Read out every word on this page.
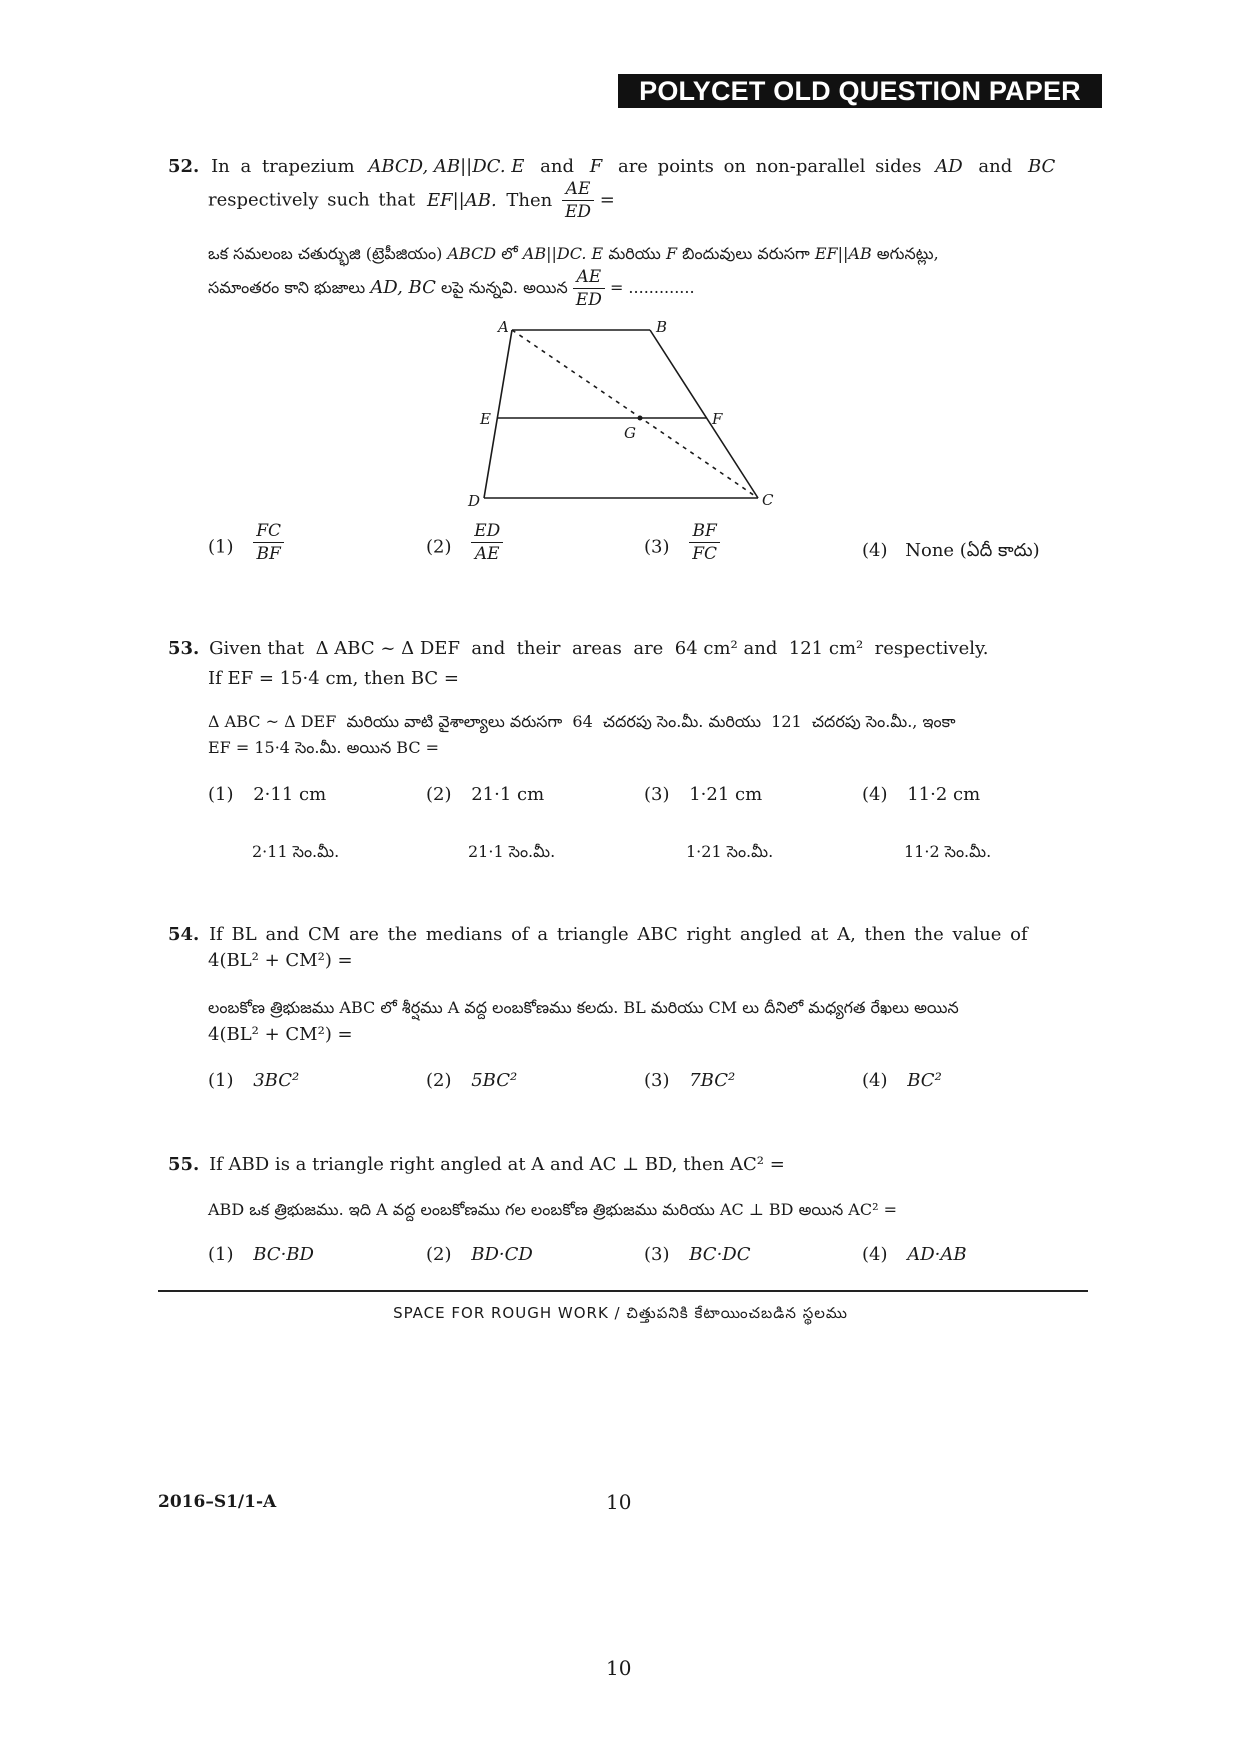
POLYCET OLD QUESTION PAPER
52. In a trapezium ABCD, AB||DC. E and F are points on non-parallel sides AD and BC
respectively such that EF||AB. Then $\frac{AE}{ED}$ =
ఒక సమలంబ చతుర్భుజి (ట్రెపీజియం) ABCD లో AB||DC. E మరియు F బిందువులు వరుసగా EF||AB అగునట్లు,
సమాంతరం కాని భుజాలు AD, BC లపై నున్నవి. అయిన $\frac{AE}{ED}$ = .............
A	B
C
D
E	F
G
$(1) \frac{FC}{BF}$	$(2) \frac{ED}{AE}$	$(3) \frac{BF}{FC}$	(4) None (ఏదీ కాదు)
53. Given that  Δ ABC ~ Δ DEF  and  their  areas  are  64 cm² and  121 cm²  respectively.
If EF = 15·4 cm, then BC =
Δ ABC ~ Δ DEF  మరియు వాటి వైశాల్యాలు వరుసగా  64  చదరపు సెం.మీ. మరియు  121  చదరపు సెం.మీ., ఇంకా
EF = 15·4 సెం.మీ. అయిన BC =
(1) 2·11 cm	(2) 21·1 cm	(3) 1·21 cm	(4) 11·2 cm
2·11 సెం.మీ.	21·1 సెం.మీ.	1·21 సెం.మీ.	11·2 సెం.మీ.
54. If BL and CM are the medians of a triangle ABC right angled at A, then the value of
4(BL² + CM²) =
లంబకోణ త్రిభుజము ABC లో శీర్షము A వద్ద లంబకోణము కలదు. BL మరియు CM లు దీనిలో మధ్యగత రేఖలు అయిన
4(BL² + CM²) =
(1) 3BC²	(2) 5BC²	(3) 7BC²	(4) BC²
55. If ABD is a triangle right angled at A and AC ⊥ BD, then AC² =
ABD ఒక త్రిభుజము. ఇది A వద్ద లంబకోణము గల లంబకోణ త్రిభుజము మరియు AC ⊥ BD అయిన AC² =
(1) BC·BD	(2) BD·CD	(3) BC·DC	(4) AD·AB
SPACE FOR ROUGH WORK / చిత్తుపనికి కేటాయించబడిన స్థలము
2016–S1/1-A	10
10
